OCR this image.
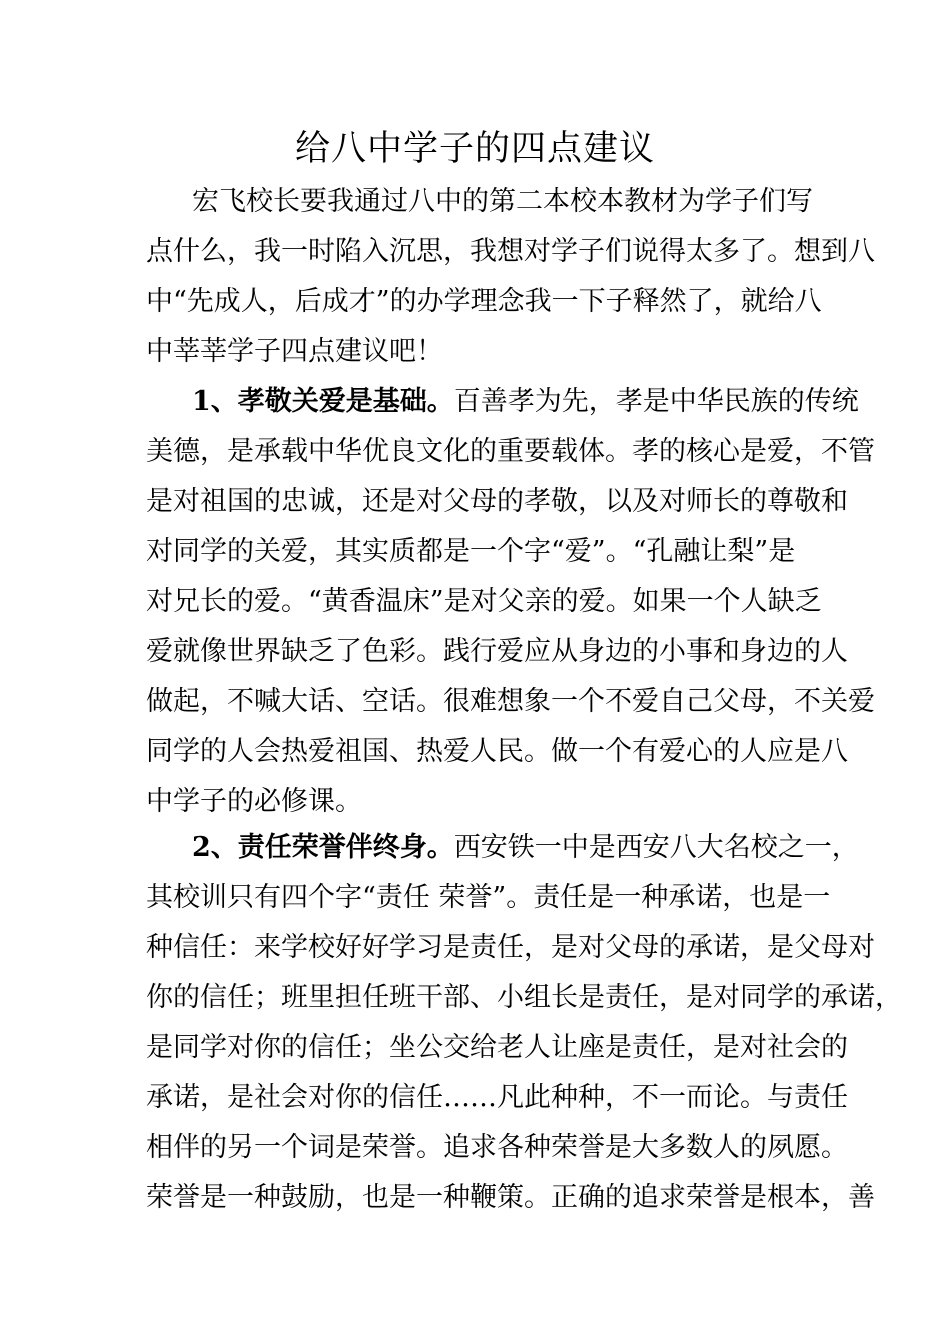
给八中学子的四点建议
宏飞校长要我通过八中的第二本校本教材为学子们写
点什么，我一时陷入沉思，我想对学子们说得太多了。想到八
中“先成人，后成才”的办学理念我一下子释然了，就给八
中莘莘学子四点建议吧！
1、孝敬关爱是基础。百善孝为先，孝是中华民族的传统
美德，是承载中华优良文化的重要载体。孝的核心是爱，不管
是对祖国的忠诚，还是对父母的孝敬，以及对师长的尊敬和
对同学的关爱，其实质都是一个字“爱”。“孔融让梨”是
对兄长的爱。“黄香温床”是对父亲的爱。如果一个人缺乏
爱就像世界缺乏了色彩。践行爱应从身边的小事和身边的人
做起，不喊大话、空话。很难想象一个不爱自己父母，不关爱
同学的人会热爱祖国、热爱人民。做一个有爱心的人应是八
中学子的必修课。
2、责任荣誉伴终身。西安铁一中是西安八大名校之一，
其校训只有四个字“责任 荣誉”。责任是一种承诺，也是一
种信任：来学校好好学习是责任，是对父母的承诺，是父母对
你的信任；班里担任班干部、小组长是责任，是对同学的承诺，
是同学对你的信任；坐公交给老人让座是责任，是对社会的
承诺，是社会对你的信任……凡此种种，不一而论。与责任
相伴的另一个词是荣誉。追求各种荣誉是大多数人的夙愿。
荣誉是一种鼓励，也是一种鞭策。正确的追求荣誉是根本，善
